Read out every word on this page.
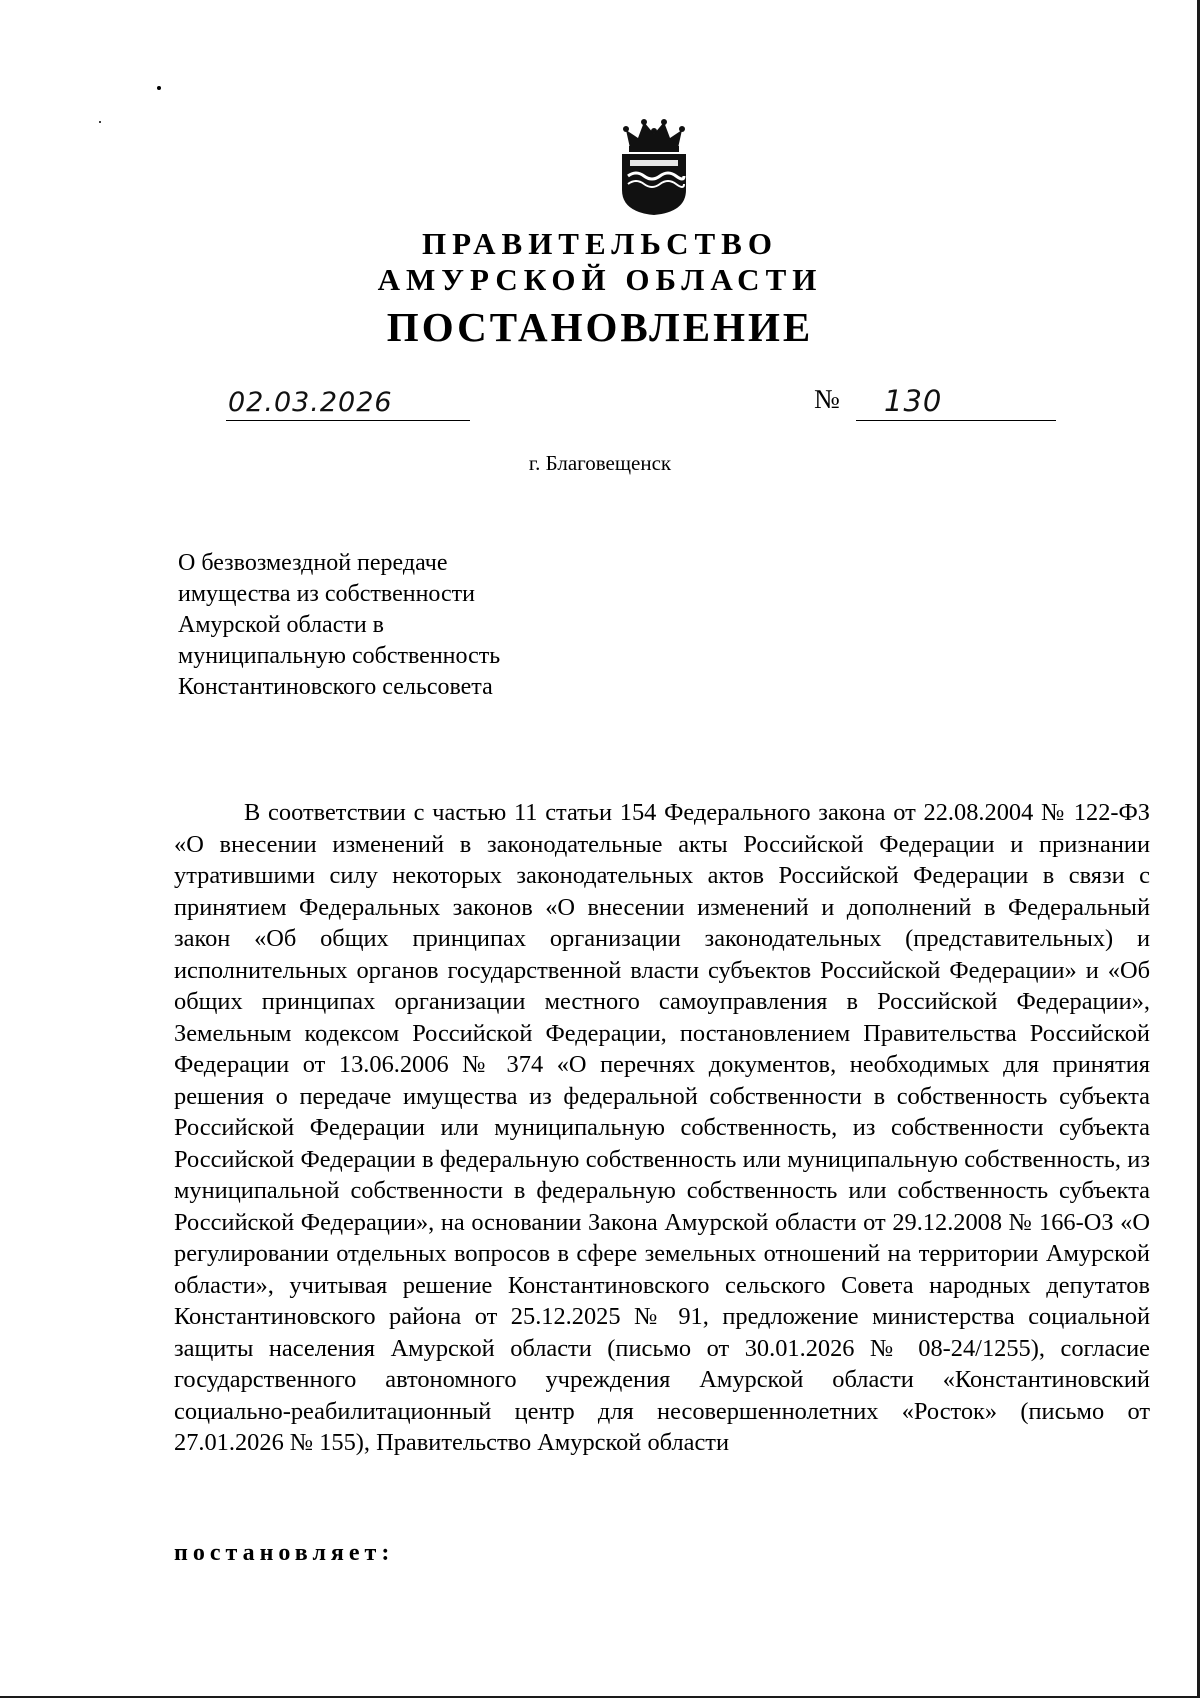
ПРАВИТЕЛЬСТВО
АМУРСКОЙ ОБЛАСТИ
ПОСТАНОВЛЕНИЕ
02.03.2026	№ 130
г. Благовещенск
О безвозмездной передаче
имущества из собственности
Амурской области в
муниципальную собственность
Константиновского сельсовета

В соответствии с частью 11 статьи 154 Федерального закона от 22.08.2004 № 122-ФЗ «О внесении изменений в законодательные акты Российской Федерации и признании утратившими силу некоторых законодательных актов Российской Федерации в связи с принятием Федеральных законов «О внесении изменений и дополнений в Федеральный закон «Об общих принципах организации законодательных (представительных) и исполнительных органов государственной власти субъектов Российской Федерации» и «Об общих принципах организации местного самоуправления в Российской Федерации», Земельным кодексом Российской Федерации, постановлением Правительства Российской Федерации от 13.06.2006 № 374 «О перечнях документов, необходимых для принятия решения о передаче имущества из федеральной собственности в собственность субъекта Российской Федерации или муниципальную собственность, из собственности субъекта Российской Федерации в федеральную собственность или муниципальную собственность, из муниципальной собственности в федеральную собственность или собственность субъекта Российской Федерации», на основании Закона Амурской области от 29.12.2008 № 166-ОЗ «О регулировании отдельных вопросов в сфере земельных отношений на территории Амурской области», учитывая решение Константиновского сельского Совета народных депутатов Константиновского района от 25.12.2025 № 91, предложение министерства социальной защиты населения Амурской области (письмо от 30.01.2026 № 08-24/1255), согласие государственного автономного учреждения Амурской области «Константиновский социально-реабилитационный центр для несовершеннолетних «Росток» (письмо от 27.01.2026 № 155), Правительство Амурской области

постановляет:
